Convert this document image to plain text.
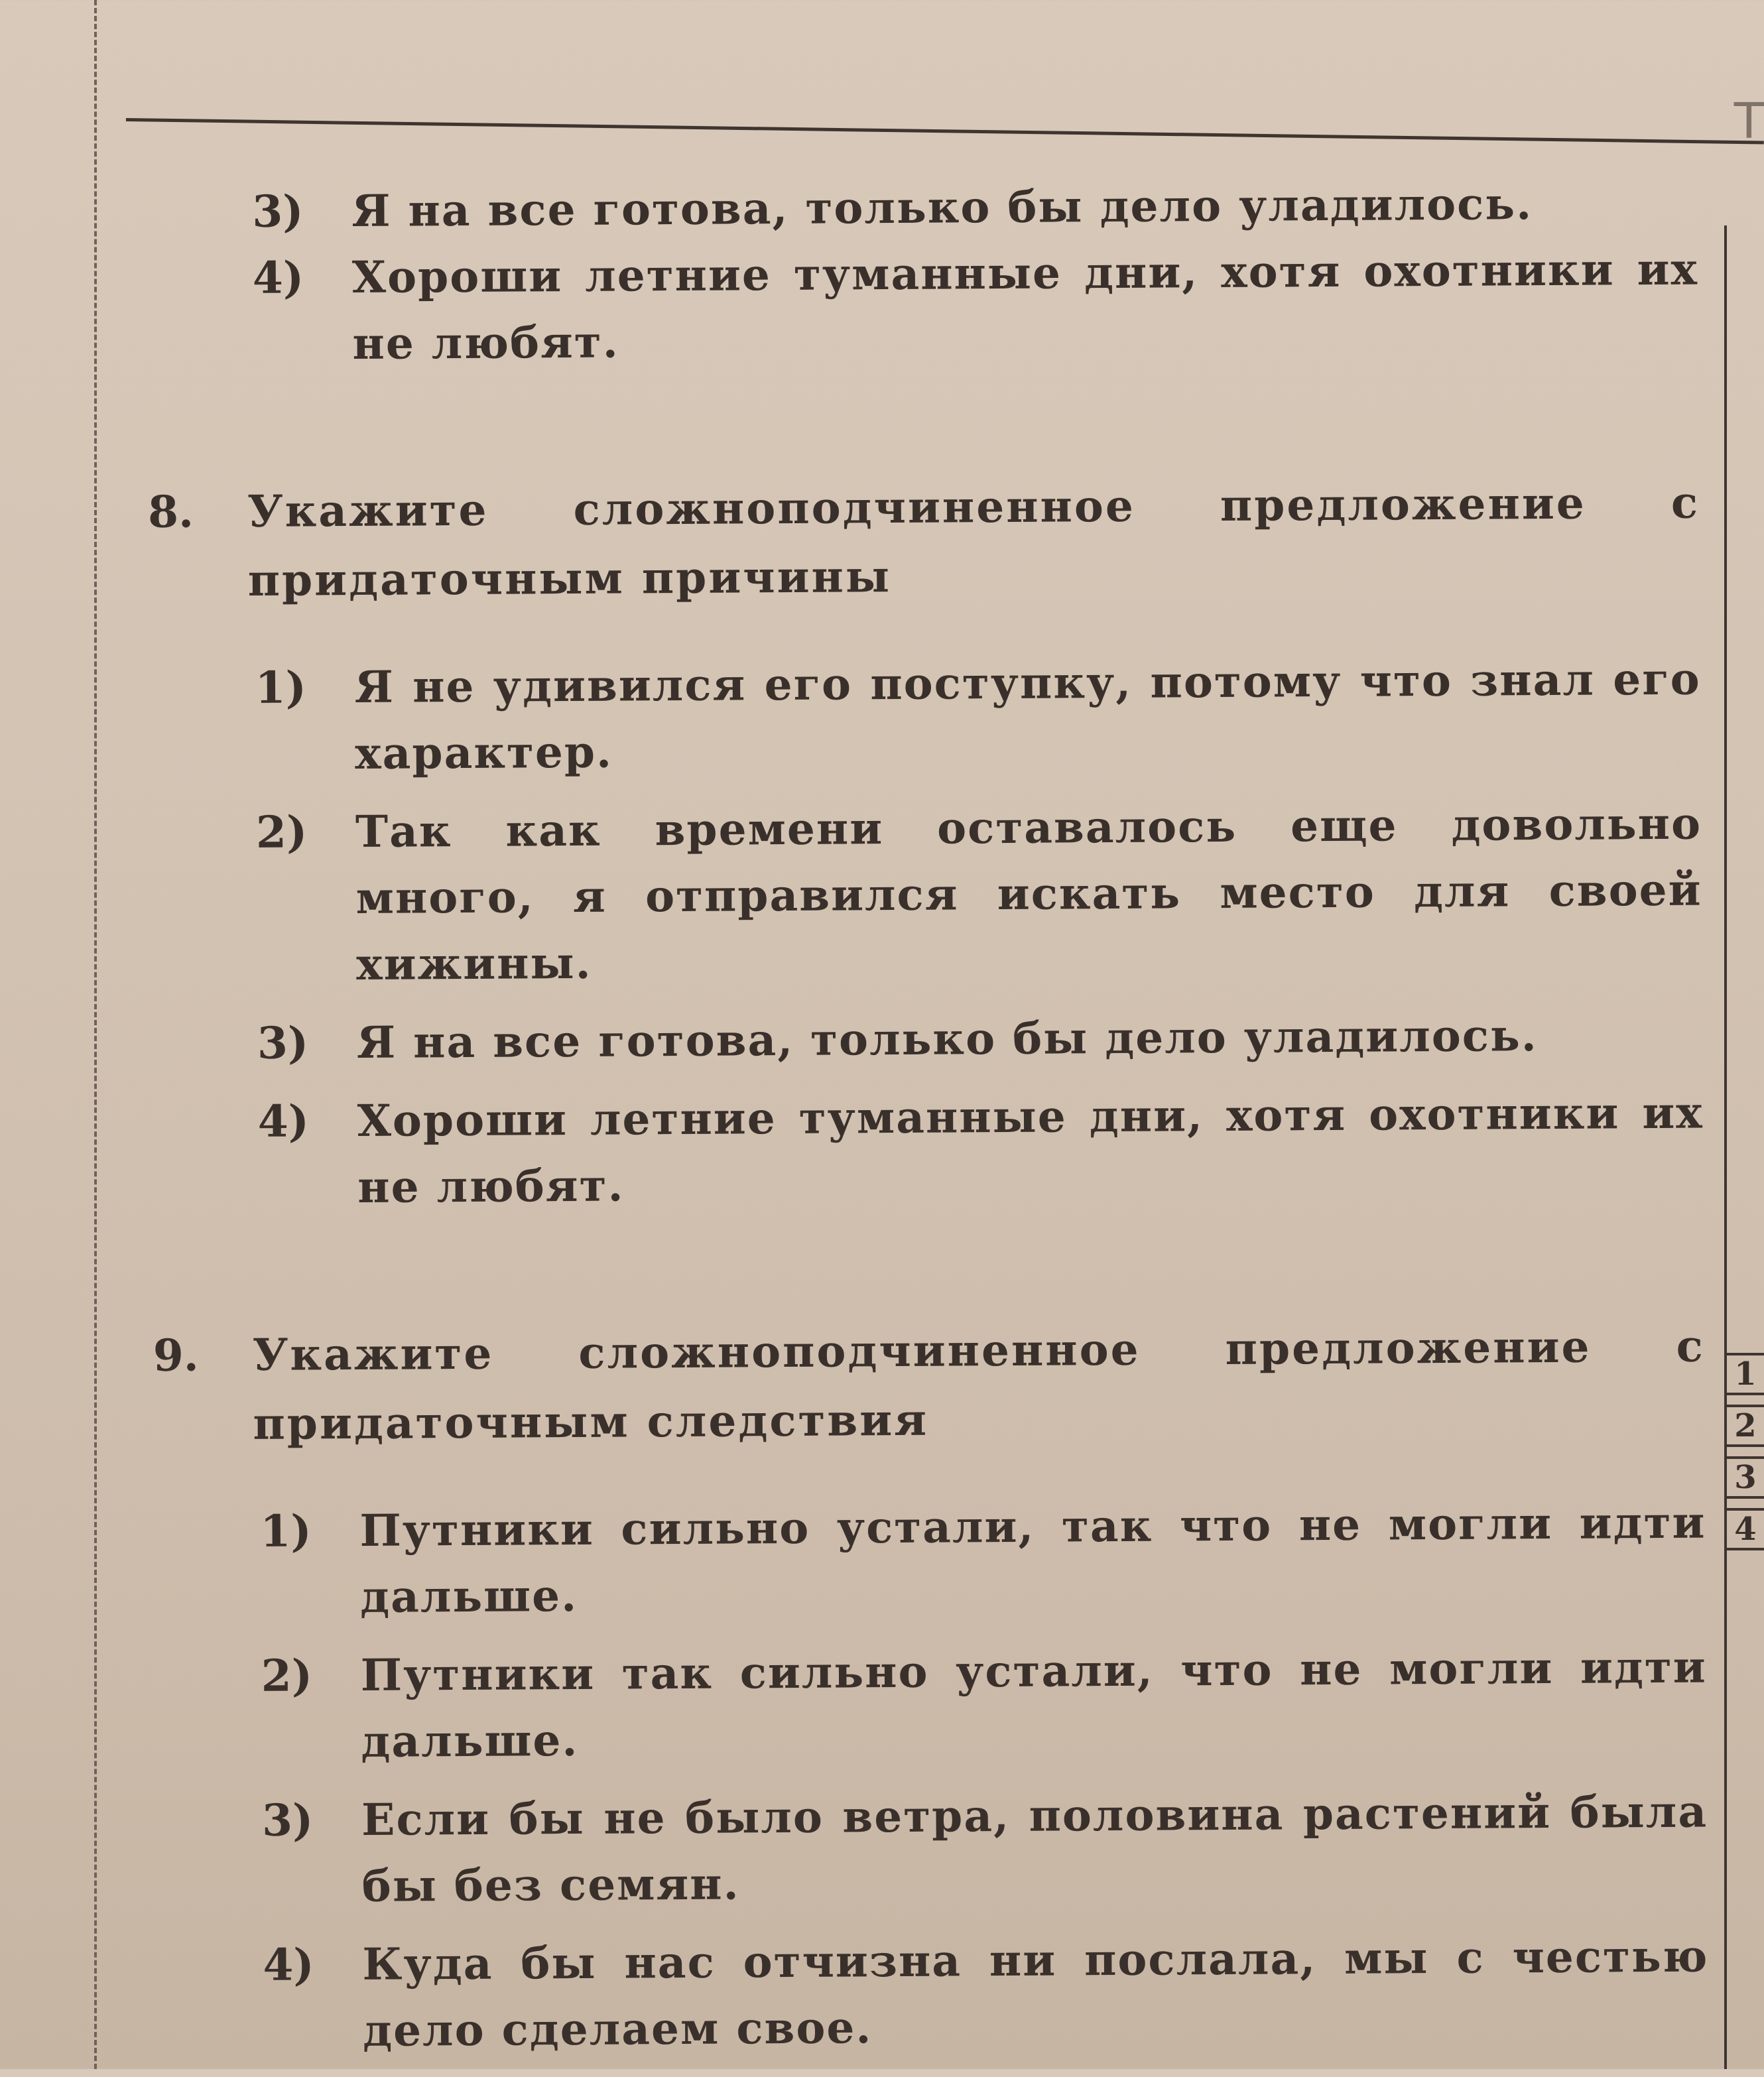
Т
3) Я на все готова, только бы дело уладилось.
4) Хороши летние туманные дни, хотя охотники их не любят.
8. Укажите сложноподчиненное предложение с придаточным причины
1) Я не удивился его поступку, потому что знал его характер.
2) Так как времени оставалось еще довольно много, я отправился искать место для своей хижины.
3) Я на все готова, только бы дело уладилось.
4) Хороши летние туманные дни, хотя охотники их не любят.
9. Укажите сложноподчиненное предложение с придаточным следствия
1) Путники сильно устали, так что не могли идти дальше.
2) Путники так сильно устали, что не могли идти дальше.
3) Если бы не было ветра, половина растений была бы без семян.
4) Куда бы нас отчизна ни послала, мы с честью дело сделаем свое.
1
2
3
4
